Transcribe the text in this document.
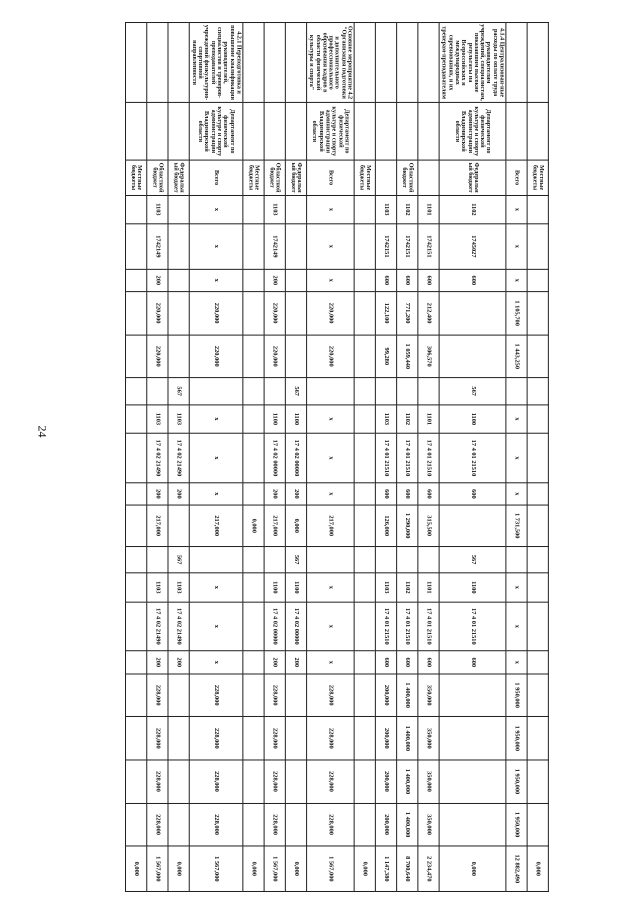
24
		Местные бюджеты																			0,000
		Всего	х	х	х	1 105,700	1 443,250		х	х	х	1 731,500		х	х	х	1 950,000	1 950,000	1 950,000	1 950,000	12 882,490
4.1.4 Централизован-ные расходы по оплате труда руководителям учреждений, специалистам, показавшим высокие результаты на Всероссийских и международных соревнованиях, и их тренерам-преподавателям	Департамент по физической культуре и спорту администрации Владимирской области	Федеральный бюджет	1102	1745027	600			567	1100	17 4 01 21510	600		567	1100	17 4 01 21510	600					0,000
			1101	1742151	600	212,400	306,570		1101	17 4 01 21510	600	315,500		1101	17 4 01 21510	600	350,000	350,000	350,000	350,000	2 234,470
		Областной бюджет	1102	1742151	600	771,200	1 059,440		1102	17 4 01 21510	600	1 290,000		1102	17 4 01 21510	600	1 400,000	1 400,000	1 400,000	1 400,000	8 700,640
			1103	1742151	600	122,100	99,280		1103	17 4 01 21510	600	126,000		1103	17 4 01 21510	600	200,000	200,000	200,000	200,000	1 147,380
		Местные бюджеты																			0,000
Основное мероприятие 4.2 "Организация подготовки и дополнительного профессионального образования кадров в области физической культуры и спорта"	Департамент по физической культуре и спорту администрации Владимирской области	Всего	х	х	х	220,000	220,000		х	х	х	217,000		х	х	х	228,000	228,000	228,000	228,000	1 567,000
		Федеральный бюджет						567	1100	17 4 02 00000	200	0,000	567	1100	17 4 02 00000	200					0,000
		Областной бюджет	1103	1742149	200	220,000	220,000		1100	17 4 02 00000	200	217,000		1100	17 4 02 00000	200	228,000	228,000	228,000	228,000	1 567,000
		Местные бюджеты										0,000									0,000
4.2.1 Переподготовка и повышение квалификации руководителей, специалистов и тренеров-преподавателей учреждений физкультурно-спортивной направленности	Департамент по физической культуре и спорту администрации Владимирской области	Всего	х	х	х	220,000	220,000		х	х	х	217,000		х	х	х	228,000	228,000	228,000	228,000	1 567,000
		Федеральный бюджет						567	1103	17 4 02 21490	200		567	1103	17 4 02 21490	200					0,000
		Областной бюджет	1103	1742149	200	220,000	220,000		1103	17 4 02 21490	200	217,000		1103	17 4 02 21490	200	228,000	228,000	228,000	228,000	1 567,000
		Местные бюджеты																			0,000
